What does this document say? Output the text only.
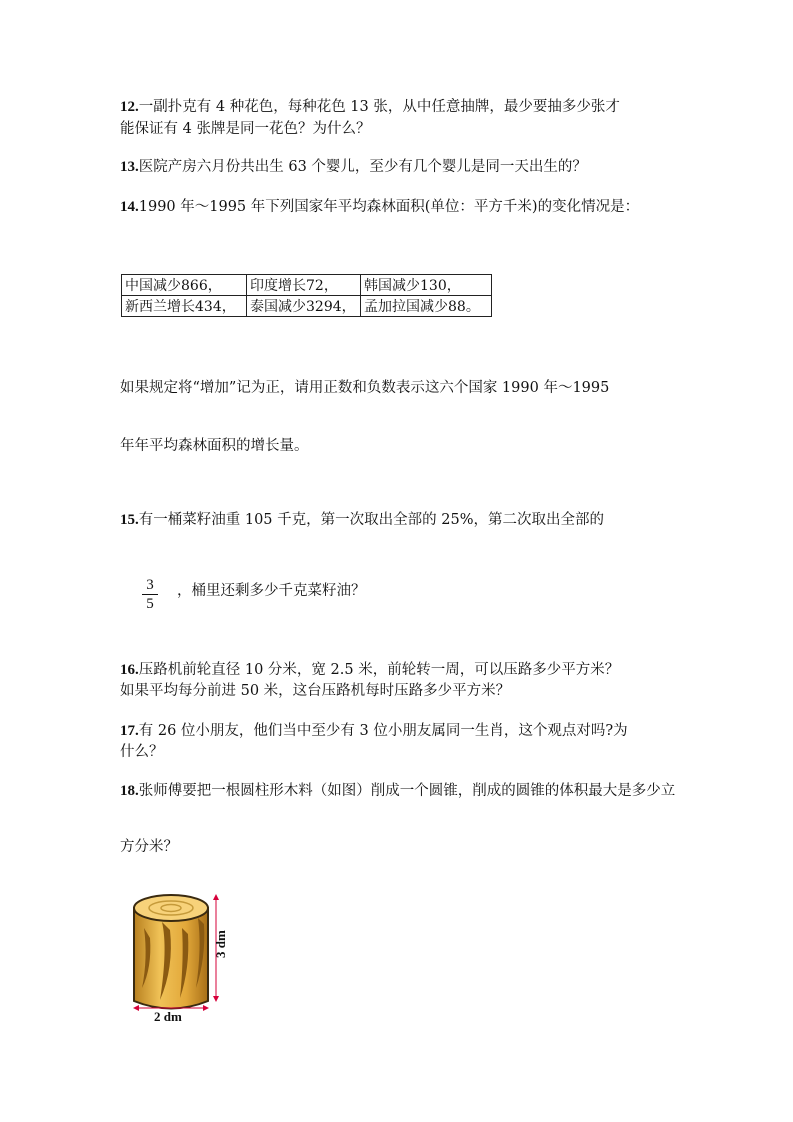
12.一副扑克有 4 种花色，每种花色 13 张，从中任意抽牌，最少要抽多少张才
能保证有 4 张牌是同一花色？为什么？
13.医院产房六月份共出生 63 个婴儿，至少有几个婴儿是同一天出生的？
14.1990 年～1995 年下列国家年平均森林面积(单位：平方千米)的变化情况是：
中国减少866，	印度增长72，	韩国减少130，
新西兰增长434，	泰国减少3294，	孟加拉国减少88。
如果规定将“增加”记为正，请用正数和负数表示这六个国家 1990 年～1995
年年平均森林面积的增长量。
15.有一桶菜籽油重 105 千克，第一次取出全部的 25%，第二次取出全部的
3
5
，桶里还剩多少千克菜籽油？
16.压路机前轮直径 10 分米，宽 2.5 米，前轮转一周，可以压路多少平方米？
如果平均每分前进 50 米，这台压路机每时压路多少平方米？
17.有 26 位小朋友，他们当中至少有 3 位小朋友属同一生肖，这个观点对吗?为
什么？
18.张师傅要把一根圆柱形木料（如图）削成一个圆锥，削成的圆锥的体积最大是多少立
方分米？
3 dm
2 dm
